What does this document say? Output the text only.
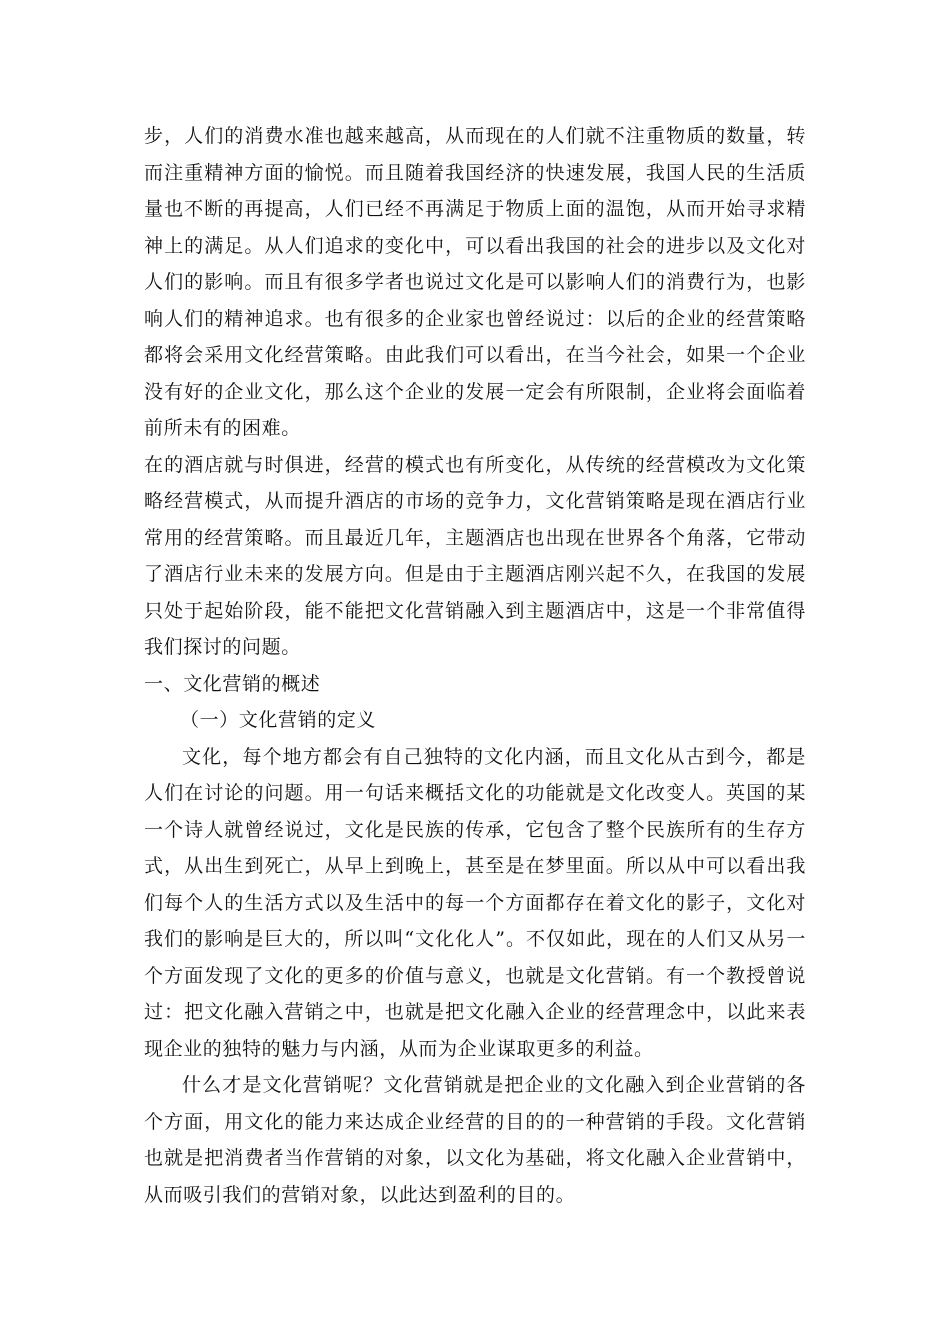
步，人们的消费水准也越来越高，从而现在的人们就不注重物质的数量，转而注重精神方面的愉悦。而且随着我国经济的快速发展，我国人民的生活质量也不断的再提高，人们已经不再满足于物质上面的温饱，从而开始寻求精神上的满足。从人们追求的变化中，可以看出我国的社会的进步以及文化对人们的影响。而且有很多学者也说过文化是可以影响人们的消费行为，也影响人们的精神追求。也有很多的企业家也曾经说过：以后的企业的经营策略都将会采用文化经营策略。由此我们可以看出，在当今社会，如果一个企业没有好的企业文化，那么这个企业的发展一定会有所限制，企业将会面临着前所未有的困难。

在的酒店就与时俱进，经营的模式也有所变化，从传统的经营模改为文化策略经营模式，从而提升酒店的市场的竞争力，文化营销策略是现在酒店行业常用的经营策略。而且最近几年，主题酒店也出现在世界各个角落，它带动了酒店行业未来的发展方向。但是由于主题酒店刚兴起不久，在我国的发展只处于起始阶段，能不能把文化营销融入到主题酒店中，这是一个非常值得我们探讨的问题。

一、文化营销的概述

（一）文化营销的定义

文化，每个地方都会有自己独特的文化内涵，而且文化从古到今，都是人们在讨论的问题。用一句话来概括文化的功能就是文化改变人。英国的某一个诗人就曾经说过，文化是民族的传承，它包含了整个民族所有的生存方式，从出生到死亡，从早上到晚上，甚至是在梦里面。所以从中可以看出我们每个人的生活方式以及生活中的每一个方面都存在着文化的影子，文化对我们的影响是巨大的，所以叫“文化化人”。不仅如此，现在的人们又从另一个方面发现了文化的更多的价值与意义，也就是文化营销。有一个教授曾说过：把文化融入营销之中，也就是把文化融入企业的经营理念中，以此来表现企业的独特的魅力与内涵，从而为企业谋取更多的利益。

什么才是文化营销呢？文化营销就是把企业的文化融入到企业营销的各个方面，用文化的能力来达成企业经营的目的的一种营销的手段。文化营销也就是把消费者当作营销的对象，以文化为基础，将文化融入企业营销中，从而吸引我们的营销对象，以此达到盈利的目的。
